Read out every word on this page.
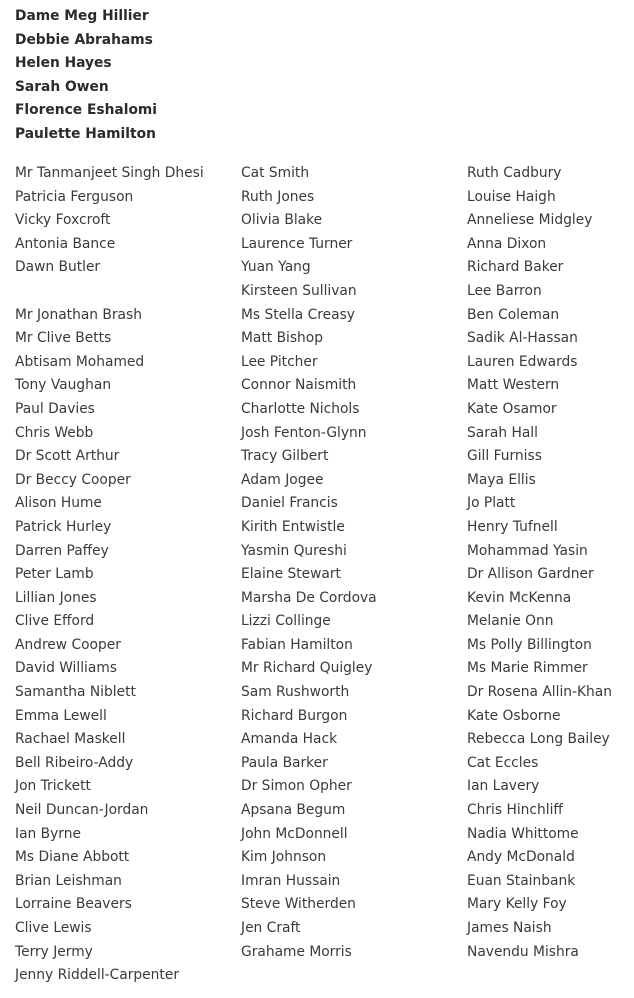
Dame Meg Hillier
Debbie Abrahams
Helen Hayes
Sarah Owen
Florence Eshalomi
Paulette Hamilton
Mr Tanmanjeet Singh Dhesi
Patricia Ferguson
Vicky Foxcroft
Antonia Bance
Dawn Butler
Mr Jonathan Brash
Mr Clive Betts
Abtisam Mohamed
Tony Vaughan
Paul Davies
Chris Webb
Dr Scott Arthur
Dr Beccy Cooper
Alison Hume
Patrick Hurley
Darren Paffey
Peter Lamb
Lillian Jones
Clive Efford
Andrew Cooper
David Williams
Samantha Niblett
Emma Lewell
Rachael Maskell
Bell Ribeiro-Addy
Jon Trickett
Neil Duncan-Jordan
Ian Byrne
Ms Diane Abbott
Brian Leishman
Lorraine Beavers
Clive Lewis
Terry Jermy
Jenny Riddell-Carpenter
Cat Smith
Ruth Jones
Olivia Blake
Laurence Turner
Yuan Yang
Kirsteen Sullivan
Ms Stella Creasy
Matt Bishop
Lee Pitcher
Connor Naismith
Charlotte Nichols
Josh Fenton-Glynn
Tracy Gilbert
Adam Jogee
Daniel Francis
Kirith Entwistle
Yasmin Qureshi
Elaine Stewart
Marsha De Cordova
Lizzi Collinge
Fabian Hamilton
Mr Richard Quigley
Sam Rushworth
Richard Burgon
Amanda Hack
Paula Barker
Dr Simon Opher
Apsana Begum
John McDonnell
Kim Johnson
Imran Hussain
Steve Witherden
Jen Craft
Grahame Morris
Ruth Cadbury
Louise Haigh
Anneliese Midgley
Anna Dixon
Richard Baker
Lee Barron
Ben Coleman
Sadik Al-Hassan
Lauren Edwards
Matt Western
Kate Osamor
Sarah Hall
Gill Furniss
Maya Ellis
Jo Platt
Henry Tufnell
Mohammad Yasin
Dr Allison Gardner
Kevin McKenna
Melanie Onn
Ms Polly Billington
Ms Marie Rimmer
Dr Rosena Allin-Khan
Kate Osborne
Rebecca Long Bailey
Cat Eccles
Ian Lavery
Chris Hinchliff
Nadia Whittome
Andy McDonald
Euan Stainbank
Mary Kelly Foy
James Naish
Navendu Mishra
